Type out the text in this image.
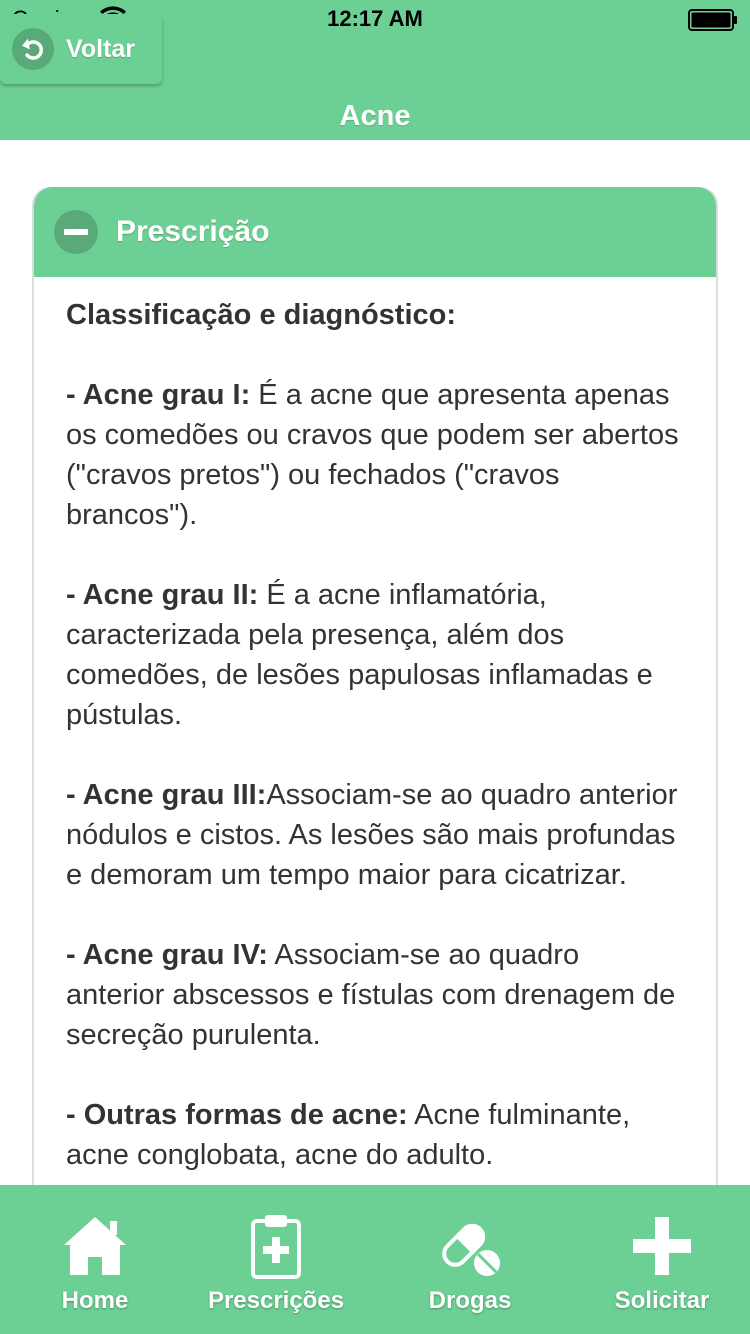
12:17 AM
Voltar
Acne
Prescrição
Classificação e diagnóstico:

- Acne grau I: É a acne que apresenta apenas os comedões ou cravos que podem ser abertos ("cravos pretos") ou fechados ("cravos brancos").

- Acne grau II: É a acne inflamatória, caracterizada pela presença, além dos comedões, de lesões papulosas inflamadas e pústulas.

- Acne grau III:Associam-se ao quadro anterior nódulos e cistos. As lesões são mais profundas e demoram um tempo maior para cicatrizar.

- Acne grau IV: Associam-se ao quadro anterior abscessos e fístulas com drenagem de secreção purulenta.

- Outras formas de acne: Acne fulminante, acne conglobata, acne do adulto.

Home	Prescrições	Drogas	Solicitar
